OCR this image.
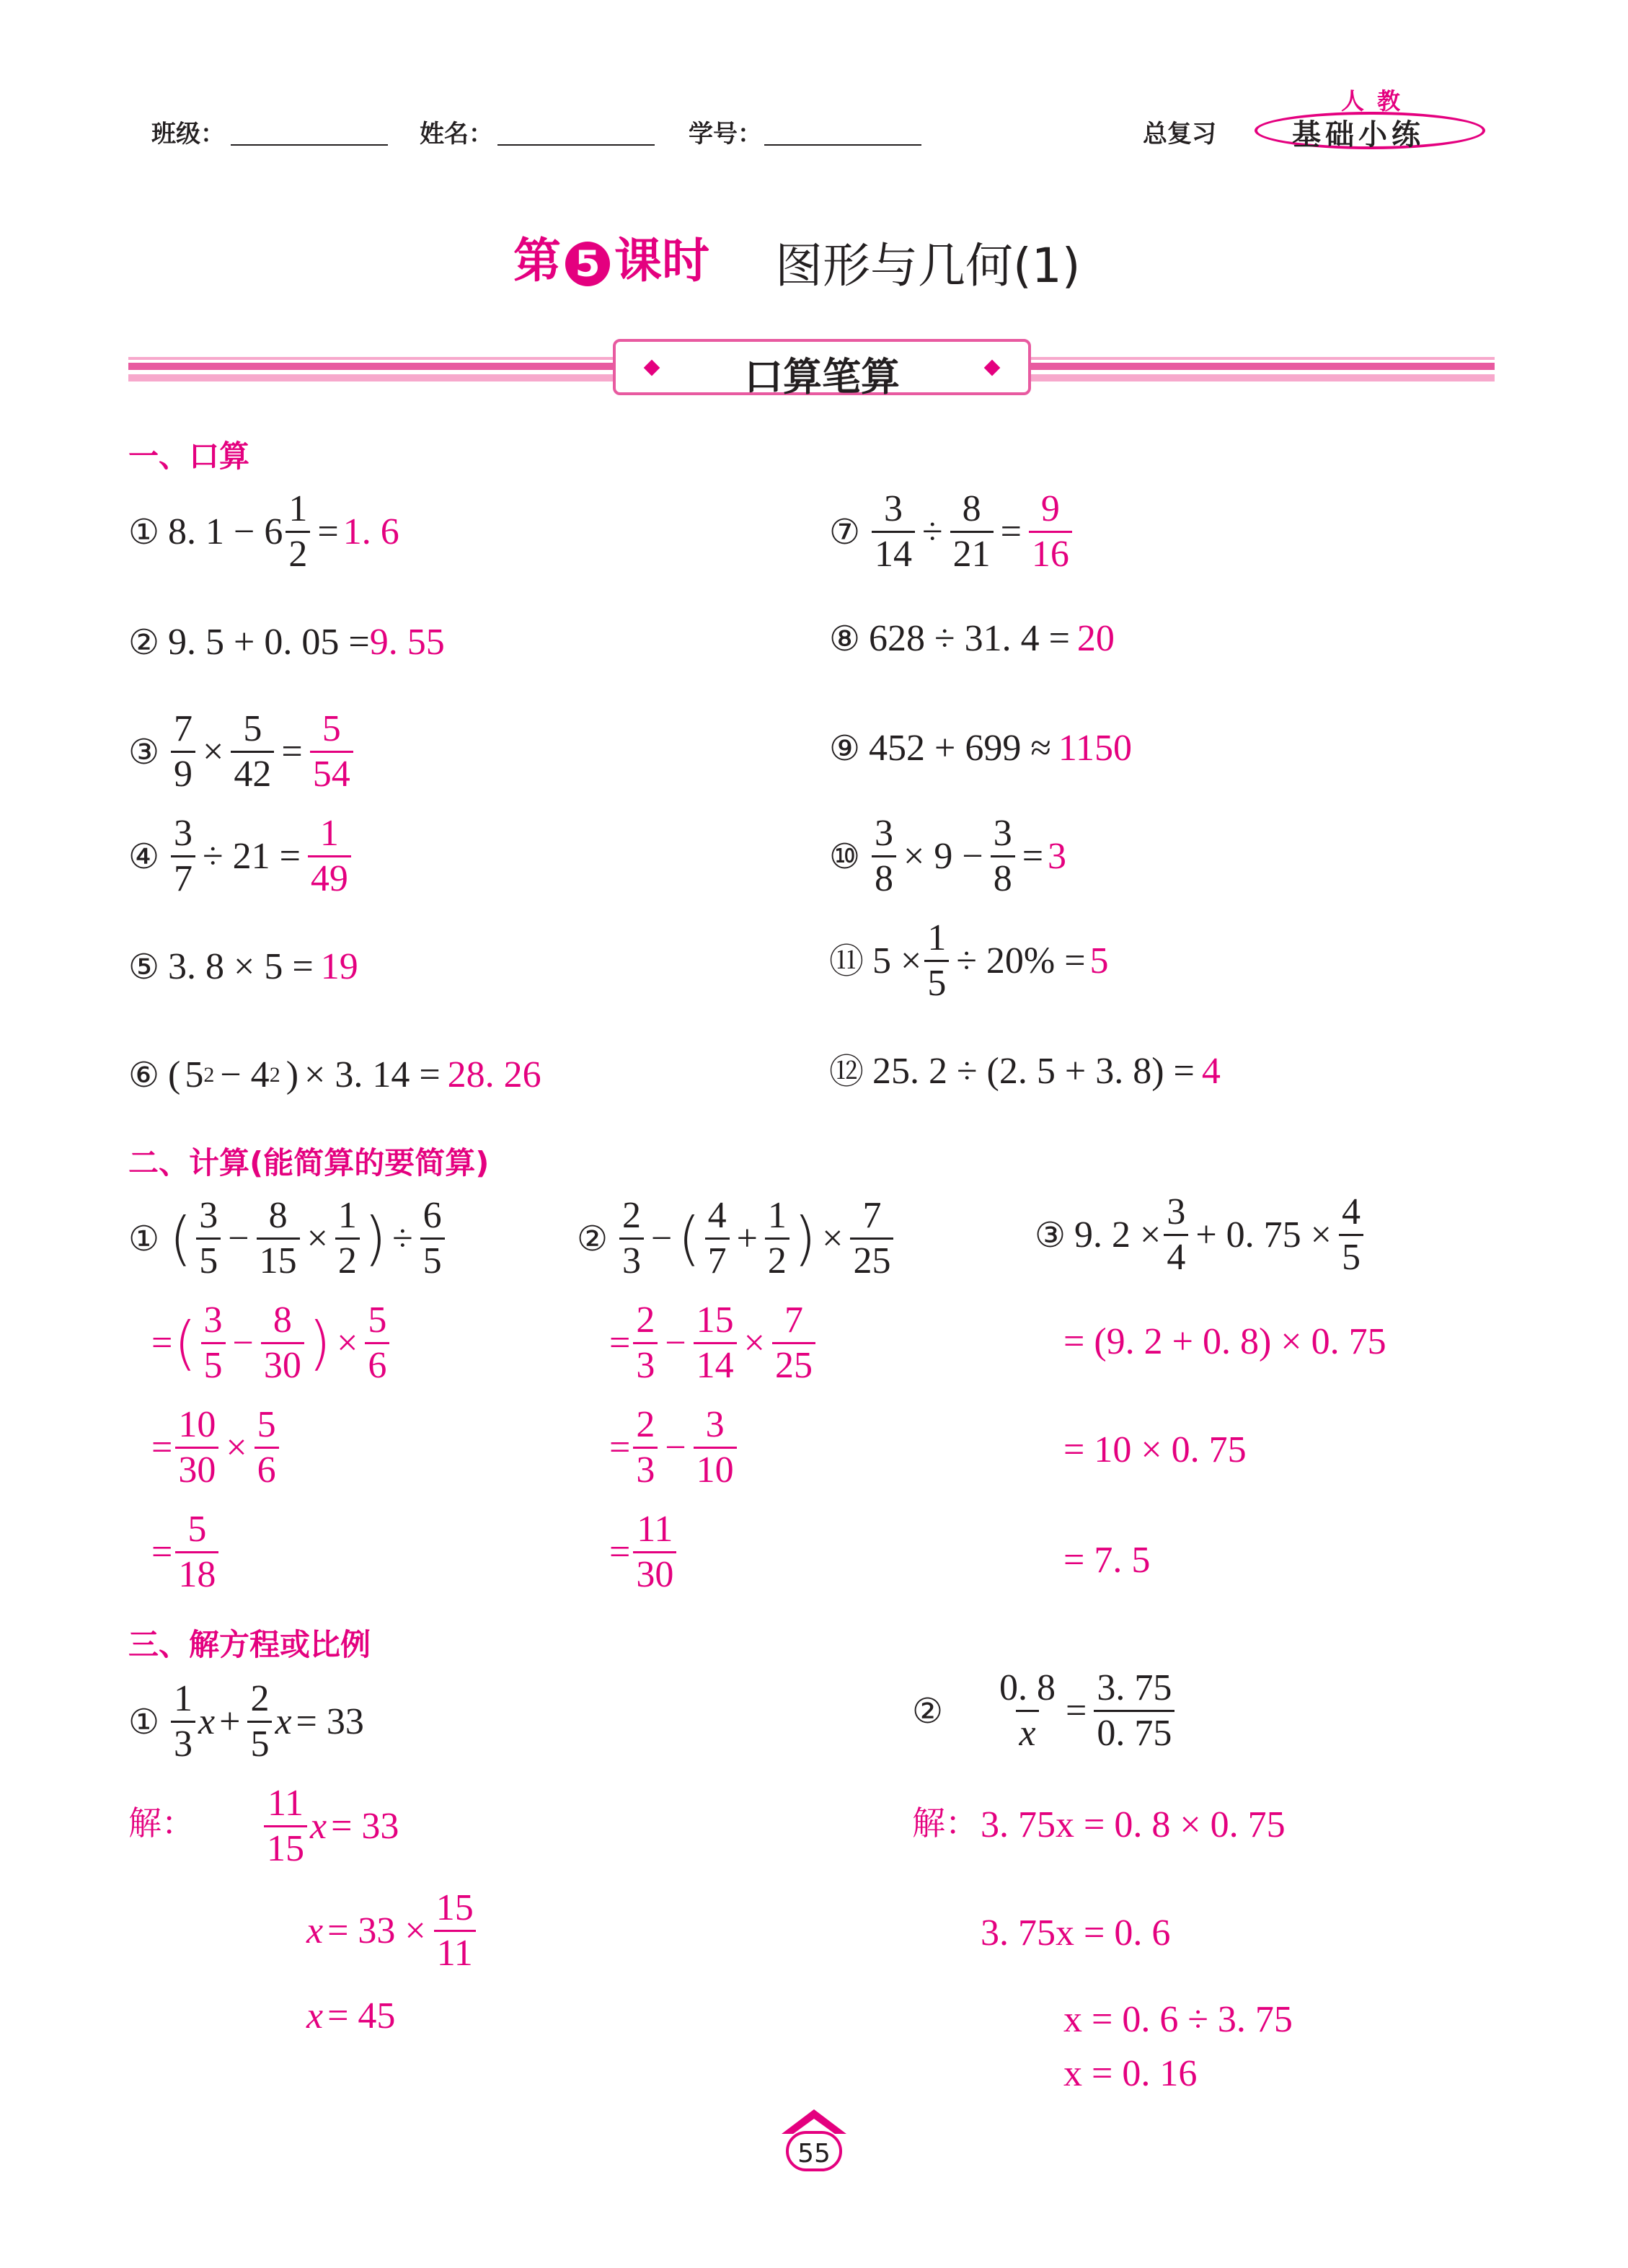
班级：	姓名：	学号：	总复习
人教
基础小练
第 5 课时 图形与几何(1)
口算笔算
一、口算
① 8. $1 - 6 \frac{1}{2} = 1$. 6
② 9. 5 + 0. 05 = 9. 55
③ $\frac{7}{9} \times \frac{5}{42} = \frac{5}{54}$
④ $\frac{3}{7} \div 21 = \frac{1}{49}$
⑤ 3. 8 × 5 = 19
⑥ ( 5 2 − 4 2 ) × 3. 14 = 28. 26
⑦ $\frac{3}{14} \div \frac{8}{21} = \frac{9}{16}$
⑧ 628 ÷ 31. 4 = 20
⑨ 452 + 699 ≈ 1150
⑩ $\frac{3}{8} \times 9 - \frac{3}{8} = 3$
⑪ $5 \times \frac{1}{5} \div 20\% = 5$
⑫ 25. 2 ÷ (2. 5 + 3. 8) = 4
二、计算(能简算的要简算)
① ( $\frac{3}{5} - \frac{8}{15} \times \frac{1}{2}$ ) ÷ $\frac{6}{5}$
= ( $\frac{3}{5} - \frac{8}{30}$ ) × $\frac{5}{6}$
= $\frac{10}{30} \times \frac{5}{6}$
= $\frac{5}{18}$
② $\frac{2}{3}$ − ( $\frac{4}{7} + \frac{1}{2}$ ) × $\frac{7}{25}$
= $\frac{2}{3} - \frac{15}{14} \times \frac{7}{25}$
= $\frac{2}{3} - \frac{3}{10}$
= $\frac{11}{30}$
③ 9. $2 \times \frac{3}{4} + 0$. $75 \times \frac{4}{5}$
= (9. 2 + 0. 8) × 0. 75
= 10 × 0. 75
= 7. 5
三、解方程或比例
① $\frac{1}{3}$ $x + \frac{2}{5}$ x = 33
解： $\frac{11}{15}$ x = 33
$x = 33 \times \frac{15}{11}$
x = 45
② $\frac{0. 8}{x} = \frac{3. 75}{0. 75}$
解： 3. 75x = 0. 8 × 0. 75
3. 75x = 0. 6
x = 0. 6 ÷ 3. 75
x = 0. 16
55
